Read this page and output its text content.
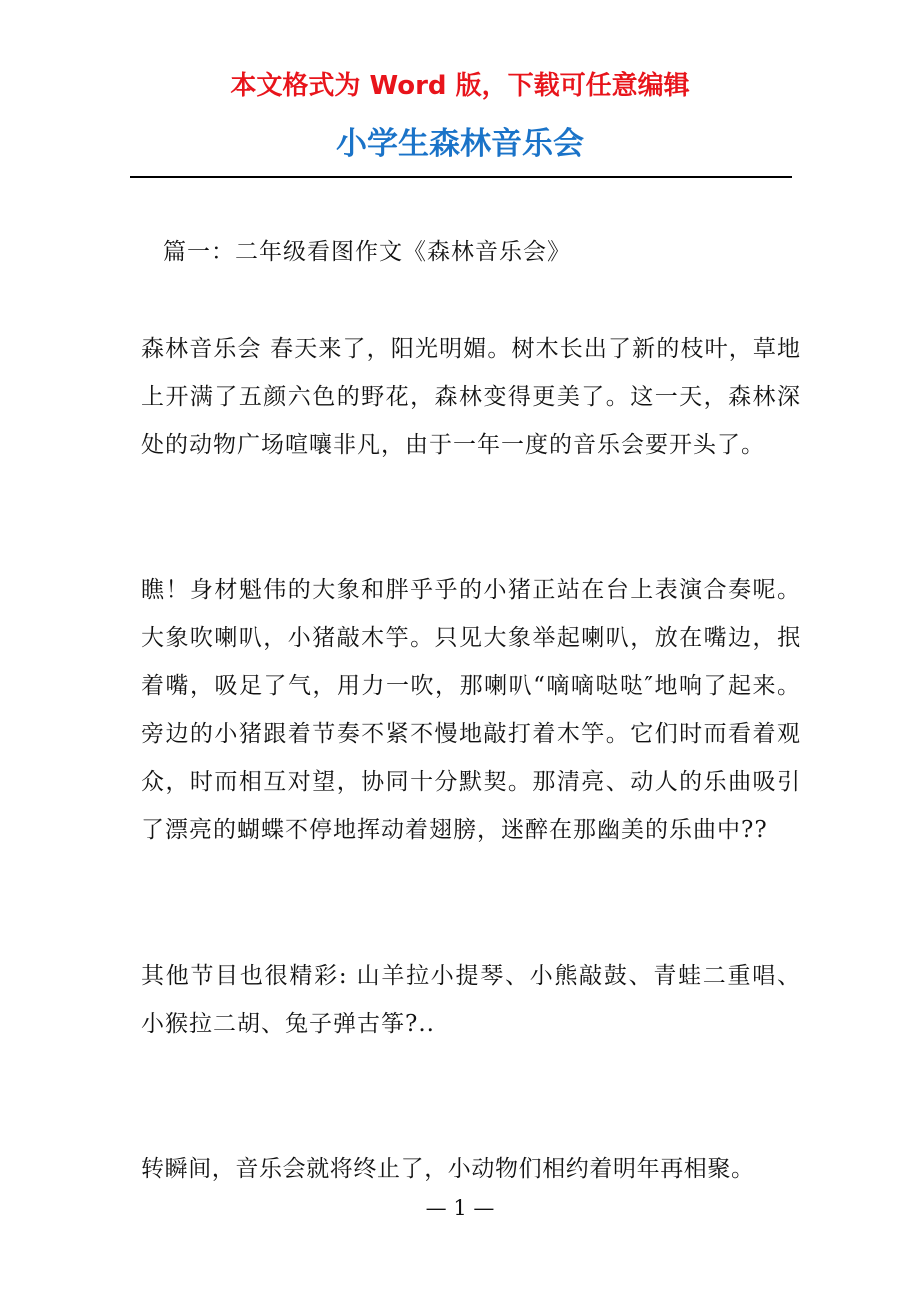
本文格式为 Word 版，下载可任意编辑
小学生森林音乐会

篇一：二年级看图作文《森林音乐会》

森林音乐会 春天来了，阳光明媚。树木长出了新的枝叶，草地上开满了五颜六色的野花，森林变得更美了。这一天，森林深处的动物广场喧嚷非凡，由于一年一度的音乐会要开头了。

瞧！身材魁伟的大象和胖乎乎的小猪正站在台上表演合奏呢。大象吹喇叭，小猪敲木竽。只见大象举起喇叭，放在嘴边，抿着嘴，吸足了气，用力一吹，那喇叭“嘀嘀哒哒″地响了起来。旁边的小猪跟着节奏不紧不慢地敲打着木竽。它们时而看着观众，时而相互对望，协同十分默契。那清亮、动人的乐曲吸引了漂亮的蝴蝶不停地挥动着翅膀，迷醉在那幽美的乐曲中??

其他节目也很精彩: 山羊拉小提琴、小熊敲鼓、青蛙二重唱、小猴拉二胡、兔子弹古筝?..

转瞬间，音乐会就将终止了，小动物们相约着明年再相聚。

— 1 —
